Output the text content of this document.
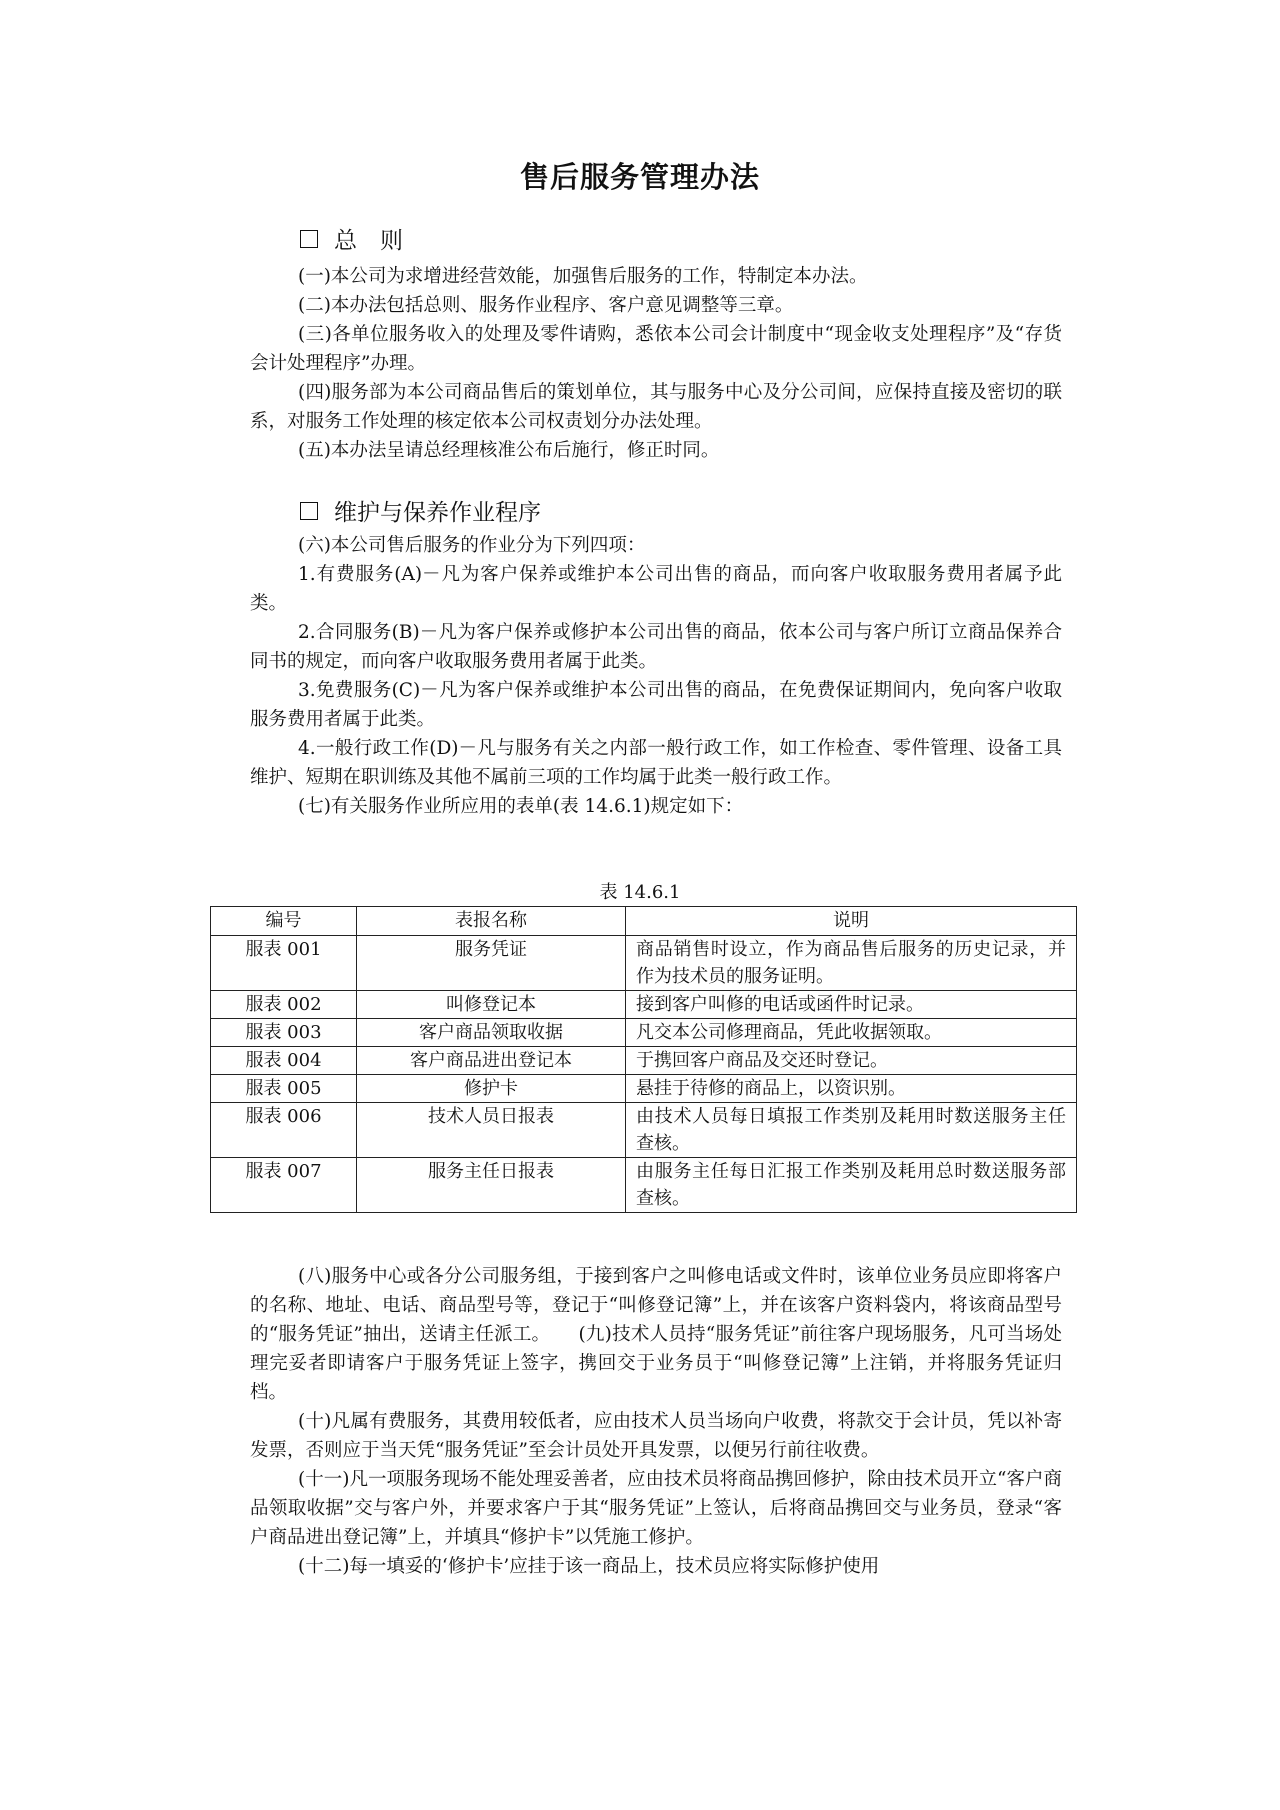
售后服务管理办法
总　则

(一)本公司为求增进经营效能，加强售后服务的工作，特制定本办法。

(二)本办法包括总则、服务作业程序、客户意见调整等三章。

(三)各单位服务收入的处理及零件请购，悉依本公司会计制度中“现金收支处理程序”及“存货会计处理程序”办理。

(四)服务部为本公司商品售后的策划单位，其与服务中心及分公司间，应保持直接及密切的联系，对服务工作处理的核定依本公司权责划分办法处理。

(五)本办法呈请总经理核准公布后施行，修正时同。

维护与保养作业程序

(六)本公司售后服务的作业分为下列四项：

1.有费服务(A)－凡为客户保养或维护本公司出售的商品，而向客户收取服务费用者属予此类。

2.合同服务(B)－凡为客户保养或修护本公司出售的商品，依本公司与客户所订立商品保养合同书的规定，而向客户收取服务费用者属于此类。

3.免费服务(C)－凡为客户保养或维护本公司出售的商品，在免费保证期间内，免向客户收取服务费用者属于此类。

4.一般行政工作(D)－凡与服务有关之内部一般行政工作，如工作检查、零件管理、设备工具维护、短期在职训练及其他不属前三项的工作均属于此类一般行政工作。

(七)有关服务作业所应用的表单(表 14.6.1)规定如下：

表 14.6.1
编号	表报名称	说明
服表 001	服务凭证	商品销售时设立，作为商品售后服务的历史记录，并作为技术员的服务证明。
服表 002	叫修登记本	接到客户叫修的电话或函件时记录。
服表 003	客户商品领取收据	凡交本公司修理商品，凭此收据领取。
服表 004	客户商品进出登记本	于携回客户商品及交还时登记。
服表 005	修护卡	悬挂于待修的商品上，以资识别。
服表 006	技术人员日报表	由技术人员每日填报工作类别及耗用时数送服务主任查核。
服表 007	服务主任日报表	由服务主任每日汇报工作类别及耗用总时数送服务部查核。

(八)服务中心或各分公司服务组，于接到客户之叫修电话或文件时，该单位业务员应即将客户的名称、地址、电话、商品型号等，登记于“叫修登记簿”上，并在该客户资料袋内，将该商品型号的“服务凭证”抽出，送请主任派工。　　(九)技术人员持“服务凭证”前往客户现场服务，凡可当场处理完妥者即请客户于服务凭证上签字，携回交于业务员于“叫修登记簿”上注销，并将服务凭证归档。

(十)凡属有费服务，其费用较低者，应由技术人员当场向户收费，将款交于会计员，凭以补寄发票，否则应于当天凭“服务凭证”至会计员处开具发票，以便另行前往收费。

(十一)凡一项服务现场不能处理妥善者，应由技术员将商品携回修护，除由技术员开立“客户商品领取收据”交与客户外，并要求客户于其“服务凭证”上签认，后将商品携回交与业务员，登录“客户商品进出登记簿”上，并填具“修护卡”以凭施工修护。

(十二)每一填妥的‘修护卡’应挂于该一商品上，技术员应将实际修护使用
